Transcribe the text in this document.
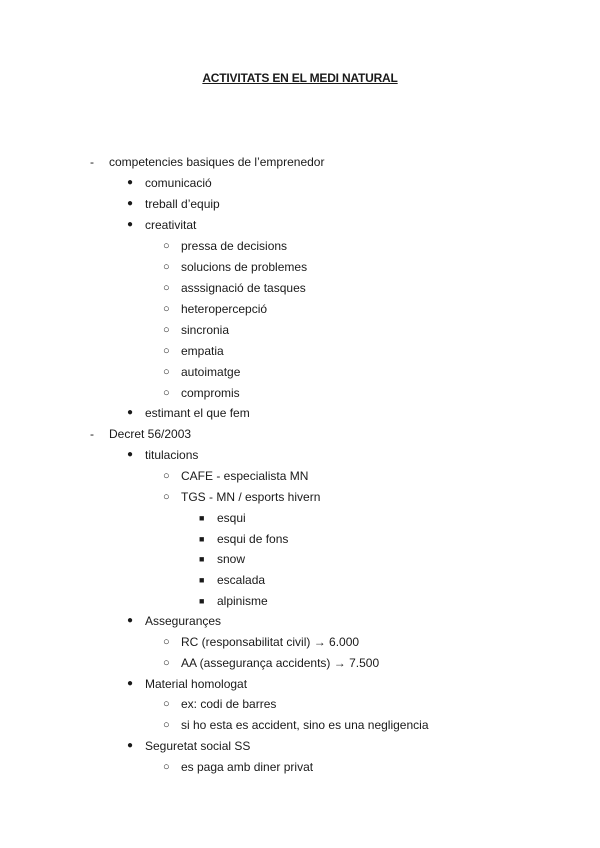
ACTIVITATS EN EL MEDI NATURAL
- competencies basiques de l’emprenedor
● comunicació
● treball d’equip
● creativitat
○ pressa de decisions
○ solucions de problemes
○ asssignació de tasques
○ heteropercepció
○ sincronia
○ empatia
○ autoimatge
○ compromis
● estimant el que fem
- Decret 56/2003
● titulacions
○ CAFE - especialista MN
○ TGS - MN / esports hivern
■ esqui
■ esqui de fons
■ snow
■ escalada
■ alpinisme
● Assegurançes
○ RC (responsabilitat civil) → 6.000
○ AA (assegurança accidents) → 7.500
● Material homologat
○ ex: codi de barres
○ si ho esta es accident, sino es una negligencia
● Seguretat social SS
○ es paga amb diner privat
